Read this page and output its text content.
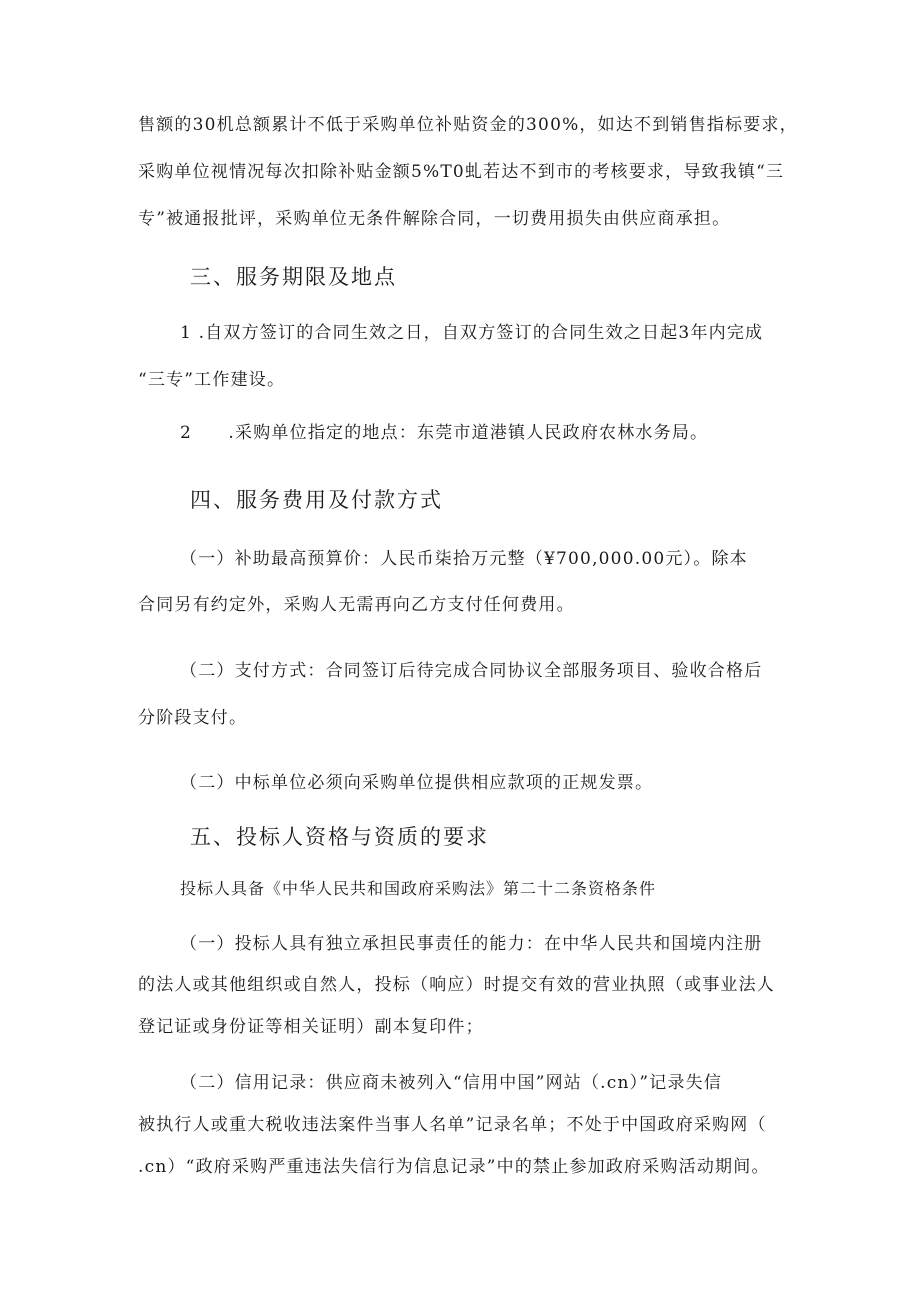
售额的30机总额累计不低于采购单位补贴资金的300%，如达不到销售指标要求，
采购单位视情况每次扣除补贴金额5%T0虬若达不到市的考核要求，导致我镇“三
专”被通报批评，采购单位无条件解除合同，一切费用损失由供应商承担。
三、服务期限及地点
1 .自双方签订的合同生效之日，自双方签订的合同生效之日起3年内完成
“三专”工作建设。
2　　.采购单位指定的地点：东莞市道港镇人民政府农林水务局。
四、服务费用及付款方式
（一）补助最高预算价：人民币柒拾万元整（¥700,000.00元）。除本
合同另有约定外，采购人无需再向乙方支付任何费用。
（二）支付方式：合同签订后待完成合同协议全部服务项目、验收合格后
分阶段支付。
（二）中标单位必须向采购单位提供相应款项的正规发票。
五、投标人资格与资质的要求
投标人具备《中华人民共和国政府采购法》第二十二条资格条件
（一）投标人具有独立承担民事责任的能力：在中华人民共和国境内注册
的法人或其他组织或自然人，投标（响应）时提交有效的营业执照（或事业法人
登记证或身份证等相关证明）副本复印件；
（二）信用记录：供应商未被列入“信用中国”网站（.cn）”记录失信
被执行人或重大税收违法案件当事人名单”记录名单；不处于中国政府采购网（
.cn）“政府采购严重违法失信行为信息记录”中的禁止参加政府采购活动期间。
